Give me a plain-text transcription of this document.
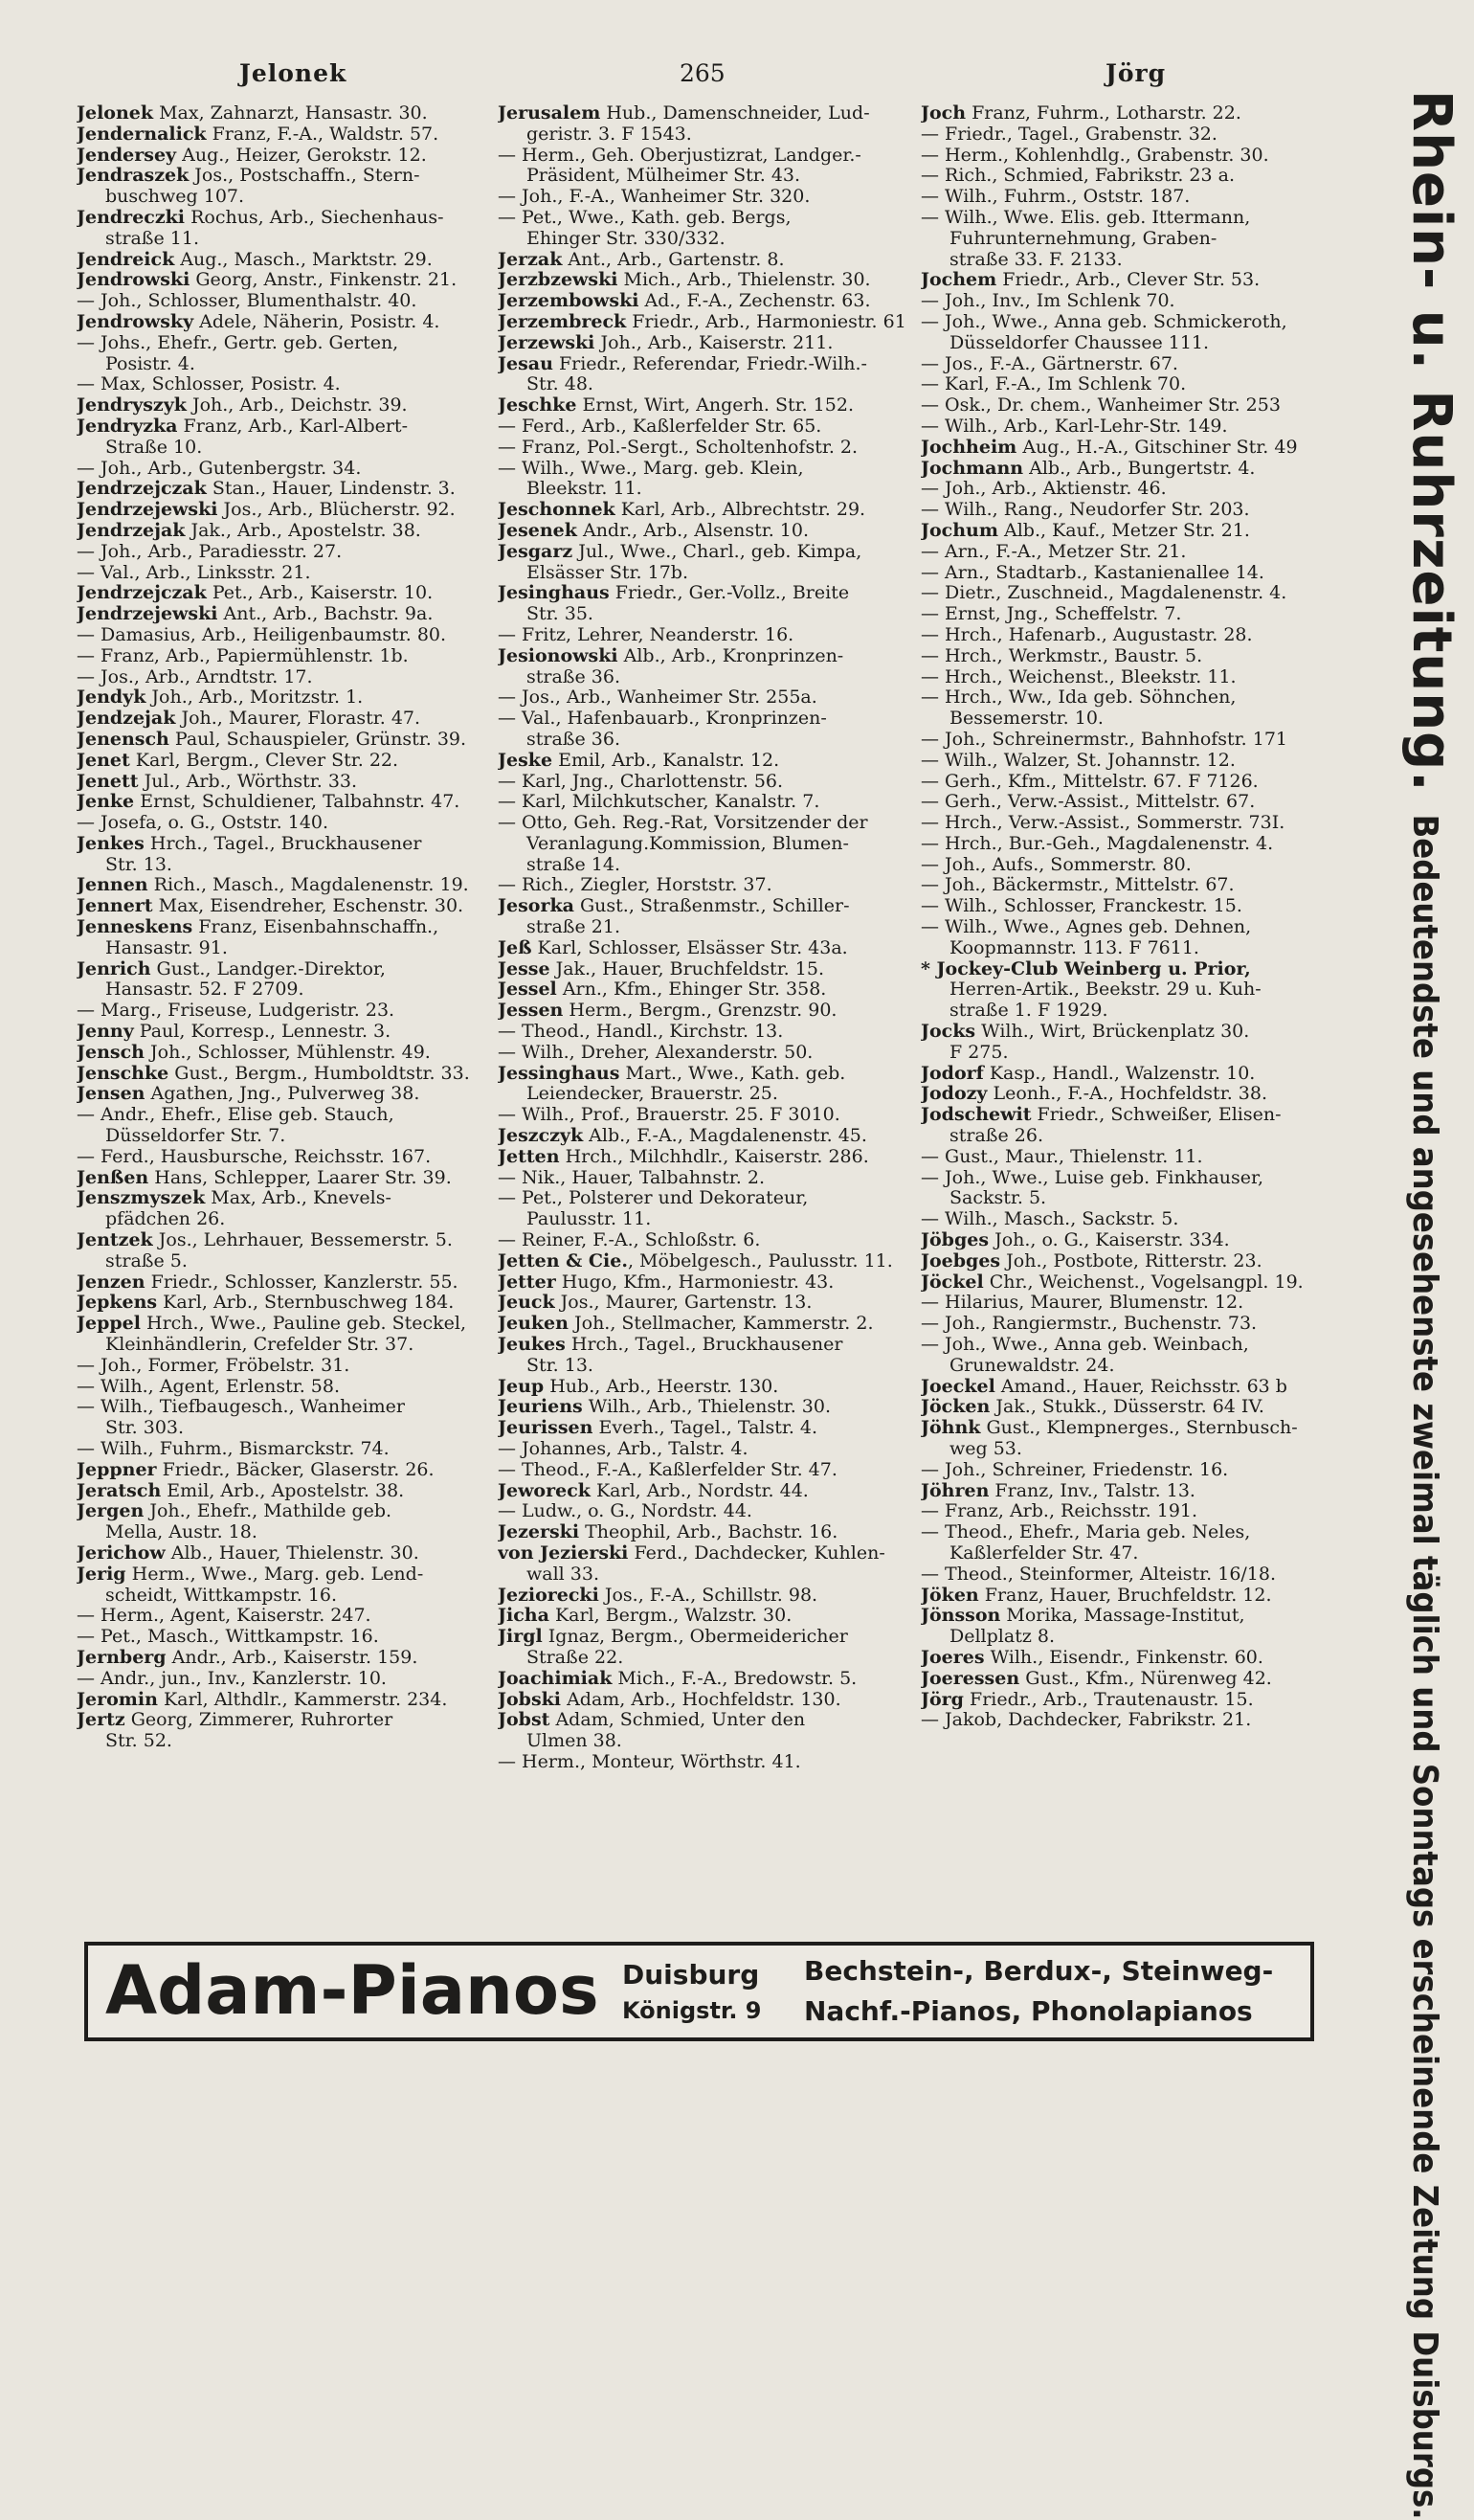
Jelonek	265	Jörg
Jelonek Max, Zahnarzt, Hansastr. 30.
Jendernalick Franz, F.-A., Waldstr. 57.
Jendersey Aug., Heizer, Gerokstr. 12.
Jendraszek Jos., Postschaffn., Stern-
buschweg 107.
Jendreczki Rochus, Arb., Siechenhaus-
straße 11.
Jendreick Aug., Masch., Marktstr. 29.
Jendrowski Georg, Anstr., Finkenstr. 21.
— Joh., Schlosser, Blumenthalstr. 40.
Jendrowsky Adele, Näherin, Posistr. 4.
— Johs., Ehefr., Gertr. geb. Gerten,
Posistr. 4.
— Max, Schlosser, Posistr. 4.
Jendryszyk Joh., Arb., Deichstr. 39.
Jendryzka Franz, Arb., Karl-Albert-
Straße 10.
— Joh., Arb., Gutenbergstr. 34.
Jendrzejczak Stan., Hauer, Lindenstr. 3.
Jendrzejewski Jos., Arb., Blücherstr. 92.
Jendrzejak Jak., Arb., Apostelstr. 38.
— Joh., Arb., Paradiesstr. 27.
— Val., Arb., Linksstr. 21.
Jendrzejczak Pet., Arb., Kaiserstr. 10.
Jendrzejewski Ant., Arb., Bachstr. 9a.
— Damasius, Arb., Heiligenbaumstr. 80.
— Franz, Arb., Papiermühlenstr. 1b.
— Jos., Arb., Arndtstr. 17.
Jendyk Joh., Arb., Moritzstr. 1.
Jendzejak Joh., Maurer, Florastr. 47.
Jenensch Paul, Schauspieler, Grünstr. 39.
Jenet Karl, Bergm., Clever Str. 22.
Jenett Jul., Arb., Wörthstr. 33.
Jenke Ernst, Schuldiener, Talbahnstr. 47.
— Josefa, o. G., Oststr. 140.
Jenkes Hrch., Tagel., Bruckhausener
Str. 13.
Jennen Rich., Masch., Magdalenenstr. 19.
Jennert Max, Eisendreher, Eschenstr. 30.
Jenneskens Franz, Eisenbahnschaffn.,
Hansastr. 91.
Jenrich Gust., Landger.-Direktor,
Hansastr. 52. F 2709.
— Marg., Friseuse, Ludgeristr. 23.
Jenny Paul, Korresp., Lennestr. 3.
Jensch Joh., Schlosser, Mühlenstr. 49.
Jenschke Gust., Bergm., Humboldtstr. 33.
Jensen Agathen, Jng., Pulverweg 38.
— Andr., Ehefr., Elise geb. Stauch,
Düsseldorfer Str. 7.
— Ferd., Hausbursche, Reichsstr. 167.
Jenßen Hans, Schlepper, Laarer Str. 39.
Jenszmyszek Max, Arb., Knevels-
pfädchen 26.
Jentzek Jos., Lehrhauer, Bessemerstr. 5.
straße 5.
Jenzen Friedr., Schlosser, Kanzlerstr. 55.
Jepkens Karl, Arb., Sternbuschweg 184.
Jeppel Hrch., Wwe., Pauline geb. Steckel,
Kleinhändlerin, Crefelder Str. 37.
— Joh., Former, Fröbelstr. 31.
— Wilh., Agent, Erlenstr. 58.
— Wilh., Tiefbaugesch., Wanheimer
Str. 303.
— Wilh., Fuhrm., Bismarckstr. 74.
Jeppner Friedr., Bäcker, Glaserstr. 26.
Jeratsch Emil, Arb., Apostelstr. 38.
Jergen Joh., Ehefr., Mathilde geb.
Mella, Austr. 18.
Jerichow Alb., Hauer, Thielenstr. 30.
Jerig Herm., Wwe., Marg. geb. Lend-
scheidt, Wittkampstr. 16.
— Herm., Agent, Kaiserstr. 247.
— Pet., Masch., Wittkampstr. 16.
Jernberg Andr., Arb., Kaiserstr. 159.
— Andr., jun., Inv., Kanzlerstr. 10.
Jeromin Karl, Althdlr., Kammerstr. 234.
Jertz Georg, Zimmerer, Ruhrorter
Str. 52.
Jerusalem Hub., Damenschneider, Lud-
geristr. 3. F 1543.
— Herm., Geh. Oberjustizrat, Landger.-
Präsident, Mülheimer Str. 43.
— Joh., F.-A., Wanheimer Str. 320.
— Pet., Wwe., Kath. geb. Bergs,
Ehinger Str. 330/332.
Jerzak Ant., Arb., Gartenstr. 8.
Jerzbzewski Mich., Arb., Thielenstr. 30.
Jerzembowski Ad., F.-A., Zechenstr. 63.
Jerzembreck Friedr., Arb., Harmoniestr. 61
Jerzewski Joh., Arb., Kaiserstr. 211.
Jesau Friedr., Referendar, Friedr.-Wilh.-
Str. 48.
Jeschke Ernst, Wirt, Angerh. Str. 152.
— Ferd., Arb., Kaßlerfelder Str. 65.
— Franz, Pol.-Sergt., Scholtenhofstr. 2.
— Wilh., Wwe., Marg. geb. Klein,
Bleekstr. 11.
Jeschonnek Karl, Arb., Albrechtstr. 29.
Jesenek Andr., Arb., Alsenstr. 10.
Jesgarz Jul., Wwe., Charl., geb. Kimpa,
Elsässer Str. 17b.
Jesinghaus Friedr., Ger.-Vollz., Breite
Str. 35.
— Fritz, Lehrer, Neanderstr. 16.
Jesionowski Alb., Arb., Kronprinzen-
straße 36.
— Jos., Arb., Wanheimer Str. 255a.
— Val., Hafenbauarb., Kronprinzen-
straße 36.
Jeske Emil, Arb., Kanalstr. 12.
— Karl, Jng., Charlottenstr. 56.
— Karl, Milchkutscher, Kanalstr. 7.
— Otto, Geh. Reg.-Rat, Vorsitzender der
Veranlagung.Kommission, Blumen-
straße 14.
— Rich., Ziegler, Horststr. 37.
Jesorka Gust., Straßenmstr., Schiller-
straße 21.
Jeß Karl, Schlosser, Elsässer Str. 43a.
Jesse Jak., Hauer, Bruchfeldstr. 15.
Jessel Arn., Kfm., Ehinger Str. 358.
Jessen Herm., Bergm., Grenzstr. 90.
— Theod., Handl., Kirchstr. 13.
— Wilh., Dreher, Alexanderstr. 50.
Jessinghaus Mart., Wwe., Kath. geb.
Leiendecker, Brauerstr. 25.
— Wilh., Prof., Brauerstr. 25. F 3010.
Jeszczyk Alb., F.-A., Magdalenenstr. 45.
Jetten Hrch., Milchhdlr., Kaiserstr. 286.
— Nik., Hauer, Talbahnstr. 2.
— Pet., Polsterer und Dekorateur,
Paulusstr. 11.
— Reiner, F.-A., Schloßstr. 6.
Jetten & Cie., Möbelgesch., Paulusstr. 11.
Jetter Hugo, Kfm., Harmoniestr. 43.
Jeuck Jos., Maurer, Gartenstr. 13.
Jeuken Joh., Stellmacher, Kammerstr. 2.
Jeukes Hrch., Tagel., Bruckhausener
Str. 13.
Jeup Hub., Arb., Heerstr. 130.
Jeuriens Wilh., Arb., Thielenstr. 30.
Jeurissen Everh., Tagel., Talstr. 4.
— Johannes, Arb., Talstr. 4.
— Theod., F.-A., Kaßlerfelder Str. 47.
Jeworeck Karl, Arb., Nordstr. 44.
— Ludw., o. G., Nordstr. 44.
Jezerski Theophil, Arb., Bachstr. 16.
von Jezierski Ferd., Dachdecker, Kuhlen-
wall 33.
Jeziorecki Jos., F.-A., Schillstr. 98.
Jicha Karl, Bergm., Walzstr. 30.
Jirgl Ignaz, Bergm., Obermeidericher
Straße 22.
Joachimiak Mich., F.-A., Bredowstr. 5.
Jobski Adam, Arb., Hochfeldstr. 130.
Jobst Adam, Schmied, Unter den
Ulmen 38.
— Herm., Monteur, Wörthstr. 41.
Joch Franz, Fuhrm., Lotharstr. 22.
— Friedr., Tagel., Grabenstr. 32.
— Herm., Kohlenhdlg., Grabenstr. 30.
— Rich., Schmied, Fabrikstr. 23 a.
— Wilh., Fuhrm., Oststr. 187.
— Wilh., Wwe. Elis. geb. Ittermann,
Fuhrunternehmung, Graben-
straße 33. F. 2133.
Jochem Friedr., Arb., Clever Str. 53.
— Joh., Inv., Im Schlenk 70.
— Joh., Wwe., Anna geb. Schmickeroth,
Düsseldorfer Chaussee 111.
— Jos., F.-A., Gärtnerstr. 67.
— Karl, F.-A., Im Schlenk 70.
— Osk., Dr. chem., Wanheimer Str. 253
— Wilh., Arb., Karl-Lehr-Str. 149.
Jochheim Aug., H.-A., Gitschiner Str. 49
Jochmann Alb., Arb., Bungertstr. 4.
— Joh., Arb., Aktienstr. 46.
— Wilh., Rang., Neudorfer Str. 203.
Jochum Alb., Kauf., Metzer Str. 21.
— Arn., F.-A., Metzer Str. 21.
— Arn., Stadtarb., Kastanienallee 14.
— Dietr., Zuschneid., Magdalenenstr. 4.
— Ernst, Jng., Scheffelstr. 7.
— Hrch., Hafenarb., Augustastr. 28.
— Hrch., Werkmstr., Baustr. 5.
— Hrch., Weichenst., Bleekstr. 11.
— Hrch., Ww., Ida geb. Söhnchen,
Bessemerstr. 10.
— Joh., Schreinermstr., Bahnhofstr. 171
— Wilh., Walzer, St. Johannstr. 12.
— Gerh., Kfm., Mittelstr. 67. F 7126.
— Gerh., Verw.-Assist., Mittelstr. 67.
— Hrch., Verw.-Assist., Sommerstr. 73I.
— Hrch., Bur.-Geh., Magdalenenstr. 4.
— Joh., Aufs., Sommerstr. 80.
— Joh., Bäckermstr., Mittelstr. 67.
— Wilh., Schlosser, Franckestr. 15.
— Wilh., Wwe., Agnes geb. Dehnen,
Koopmannstr. 113. F 7611.
* Jockey-Club Weinberg u. Prior,
Herren-Artik., Beekstr. 29 u. Kuh-
straße 1. F 1929.
Jocks Wilh., Wirt, Brückenplatz 30.
F 275.
Jodorf Kasp., Handl., Walzenstr. 10.
Jodozy Leonh., F.-A., Hochfeldstr. 38.
Jodschewit Friedr., Schweißer, Elisen-
straße 26.
— Gust., Maur., Thielenstr. 11.
— Joh., Wwe., Luise geb. Finkhauser,
Sackstr. 5.
— Wilh., Masch., Sackstr. 5.
Jöbges Joh., o. G., Kaiserstr. 334.
Joebges Joh., Postbote, Ritterstr. 23.
Jöckel Chr., Weichenst., Vogelsangpl. 19.
— Hilarius, Maurer, Blumenstr. 12.
— Joh., Rangiermstr., Buchenstr. 73.
— Joh., Wwe., Anna geb. Weinbach,
Grunewaldstr. 24.
Joeckel Amand., Hauer, Reichsstr. 63 b
Jöcken Jak., Stukk., Düsserstr. 64 IV.
Jöhnk Gust., Klempnerges., Sternbusch-
weg 53.
— Joh., Schreiner, Friedenstr. 16.
Jöhren Franz, Inv., Talstr. 13.
— Franz, Arb., Reichsstr. 191.
— Theod., Ehefr., Maria geb. Neles,
Kaßlerfelder Str. 47.
— Theod., Steinformer, Alteistr. 16/18.
Jöken Franz, Hauer, Bruchfeldstr. 12.
Jönsson Morika, Massage-Institut,
Dellplatz 8.
Joeres Wilh., Eisendr., Finkenstr. 60.
Joeressen Gust., Kfm., Nürenweg 42.
Jörg Friedr., Arb., Trautenaustr. 15.
— Jakob, Dachdecker, Fabrikstr. 21.
Rhein- u. Ruhrzeitung. Bedeutendste und angesehenste zweimal täglich und Sonntags erscheinende Zeitung Duisburgs.
Adam-Pianos Duisburg
Königstr. 9
Bechstein-, Berdux-, Steinweg-
Nachf.-Pianos, Phonolapianos
